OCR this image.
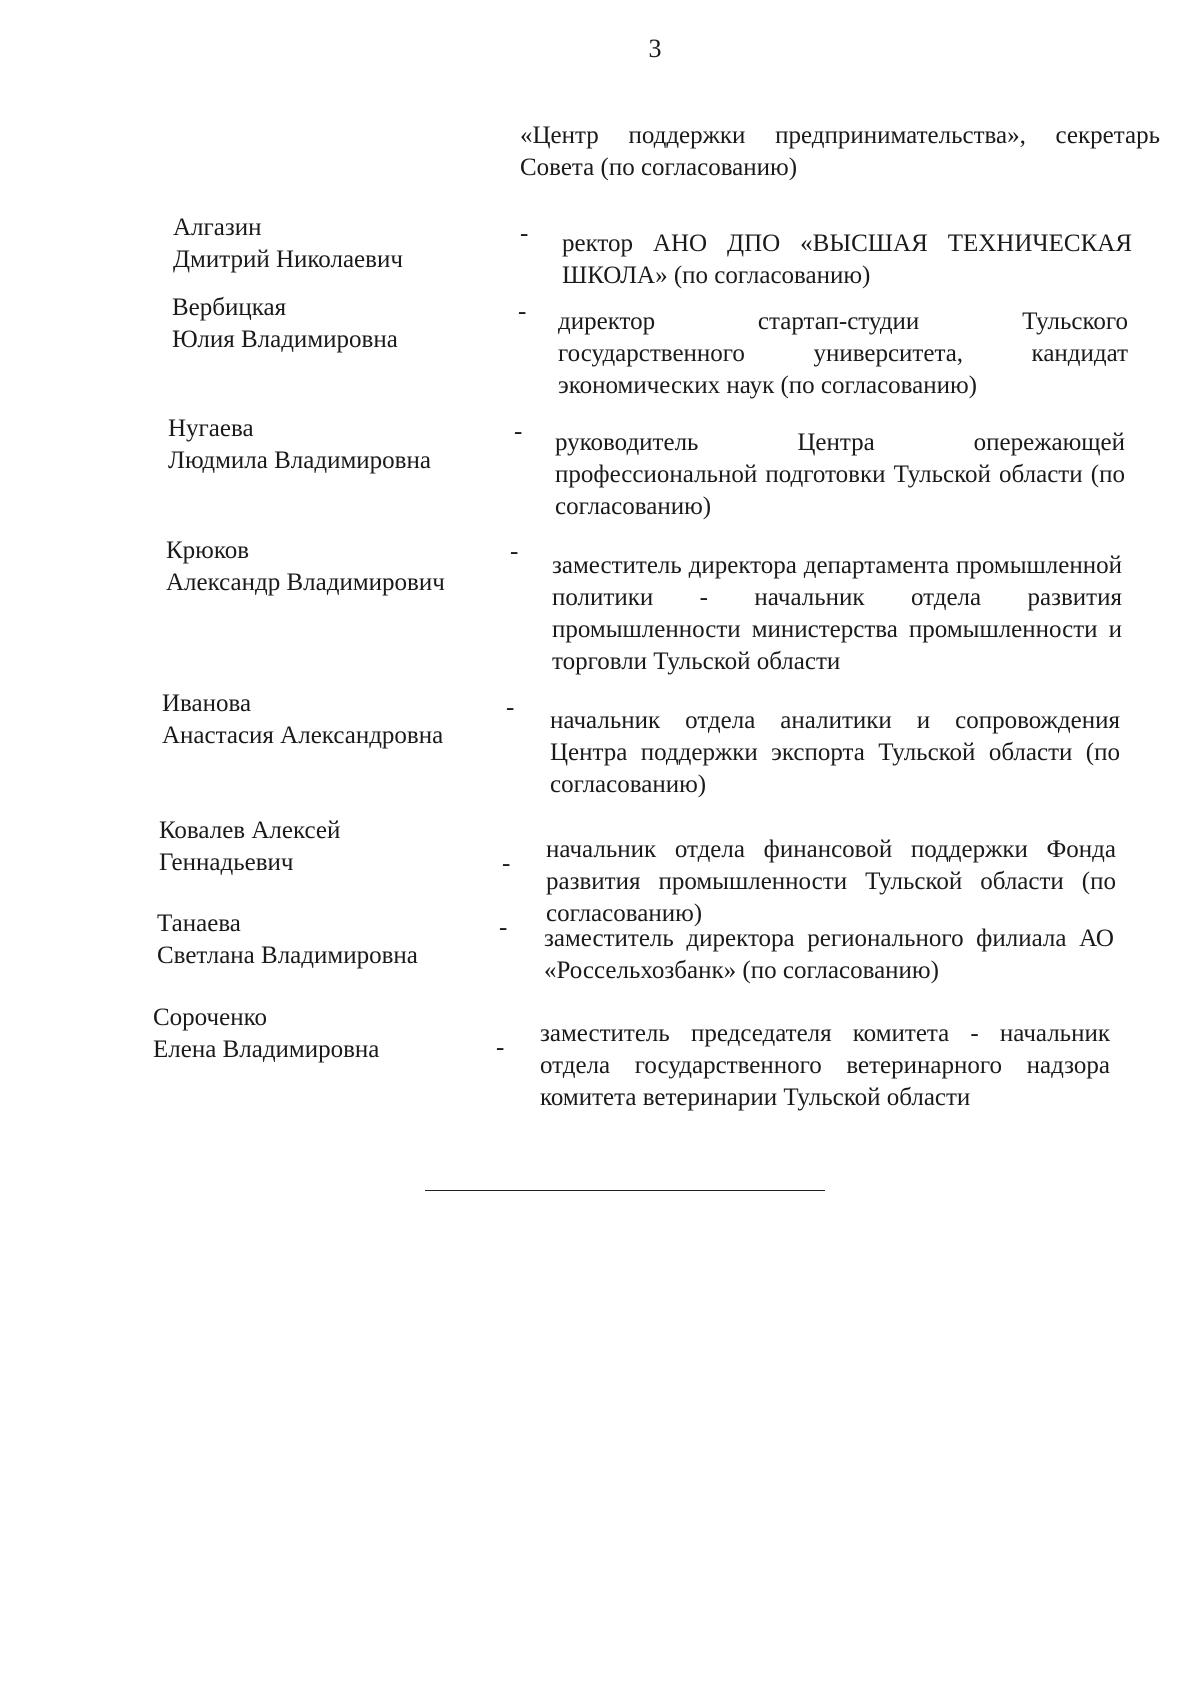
3
«Центр поддержки предпринимательства», секретарь Совета (по согласованию)
Алгазин
Дмитрий Николаевич
- ректор АНО ДПО «ВЫСШАЯ ТЕХНИЧЕСКАЯ ШКОЛА» (по согласованию)
Вербицкая
Юлия Владимировна
- директор стартап-студии Тульского государственного университета, кандидат экономических наук (по согласованию)
Нугаева
Людмила Владимировна
- руководитель Центра опережающей профессиональной подготовки Тульской области (по согласованию)
Крюков
Александр Владимирович
-
заместитель директора департамента промышленной политики - начальник отдела развития промышленности министерства промышленности и торговли Тульской области
Иванова
Анастасия Александровна
- начальник отдела аналитики и сопровождения Центра поддержки экспорта Тульской области (по согласованию)
Ковалев Алексей
Геннадьевич	-
начальник отдела финансовой поддержки Фонда развития промышленности Тульской области (по согласованию)
Танаева
Светлана Владимировна
- заместитель директора регионального филиала АО «Россельхозбанк» (по согласованию)
Сороченко
Елена Владимировна	-
заместитель председателя комитета - начальник отдела государственного ветеринарного надзора комитета ветеринарии Тульской области
